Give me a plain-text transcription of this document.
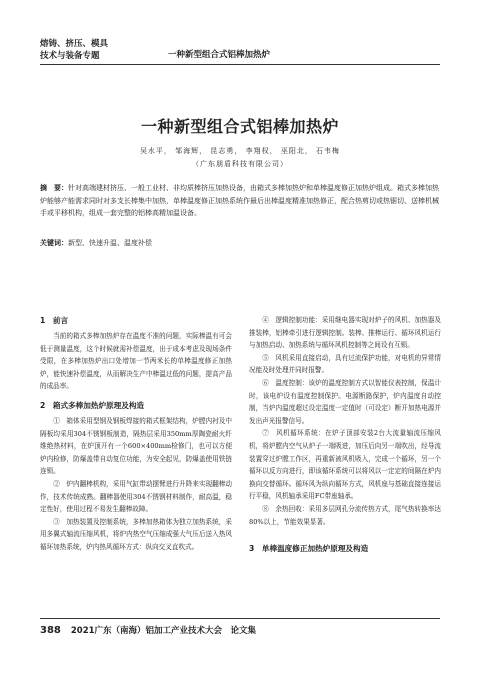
熔铸、挤压、模具
技术与装备专题	一种新型组合式铝棒加热炉
一种新型组合式铝棒加热炉
吴水平， 邹海辉， 昆志勇， 李翔权， 巫阳北， 石韦梅
（广东朋盾科技有限公司）
摘　要：针对高端建材挤压、一般工业材、非均质棒挤压加热设备，由箱式多棒加热炉和单棒温度修正加热炉组成。箱式多棒加热炉能够产能需求同时对多支长棒集中加热，单棒温度修正加热系统作最后出棒温度精准加热修正，配合热剪切或热锯切、送棒机械手或平移机构，组成一套完整的铝棒高精加温设备。
关键词：新型、快速升温、温度补偿
1　前言

当前的箱式多棒加热炉存在温度不准的问题，实际棒温有可会低于测量温度，这个时候就需补偿温度，出于成本考虑及现场条件受限，在多棒加热炉出口处增加一节两米长的单棒温度修正加热炉，能快速补偿温度，从而解决生产中棒温过低的问题，提高产品的成品率。

2　箱式多棒加热炉原理及构造

①　箱体采用型钢及钢板焊接的箱式框架结构，炉膛内衬及中隔板均采用304不锈钢板制造，隔热层采用350mm厚陶瓷耐火纤维绝热材料，在炉顶开有一个600×400mm检修门，也可以方便炉内检修，防爆盖带自动复位功能，为安全起见，防爆盖使用铁链连锁。

②　炉内翻棒机构，采用气缸带动摆臂进行升降来实现翻棒动作，技术传统成熟。翻棒器使用304不锈钢材料制作，耐高温，稳定性好，使用过程不易发生翻棒故障。

③　加热装置及控制系统，多棒加热箱体为独立加热系统，采用多翼式轴流压缩风机，将炉内热空气压缩成强大气压后送入热风循环加热系统，炉内热风循环方式：纵向交叉直吹式。

④　逻辑控制功能：采用继电器实现对炉子的风机、加热器及推装棒，铝棒牵引进行逻辑控制。装棒、推棒运行、循环风机运行与加热启动、加热系统与循环风机控制等之间设有互锁。

⑤　风机采用直接启动，具有过流保护功能，对电机的异常情况能及时处理并同时报警。

⑥　温度控制：该炉的温度控制方式以智能仪表控制，保温计时，该电炉设有温度控制保护。电源断路保护，炉内温度自动控制，当炉内温度超过设定温度一定值时（可设定）断开加热电源并发出声光报警信号。

⑦　风机循环系统：在炉子顶部安装2台大流量轴流压缩风机，将炉膛内空气从炉子一端吸进，加压后向另一端吹出，经导流装置穿过炉膛工作区，再重新被风机吸入，完成一个循环，另一个循环以反方向进行，即该循环系统可以将风以一定定的间隔在炉内换向交替循环。循环风为纵向循环方式，风机座与基础直接连接运行平稳，风机轴承采用FC带座轴承。

⑧　余热回收：采用多层网孔分流传热方式，尾气热转换率达80%以上，节能效果显著。

3　单棒温度修正加热炉原理及构造
388 2021广东（南海）铝加工产业技术大会　论文集
